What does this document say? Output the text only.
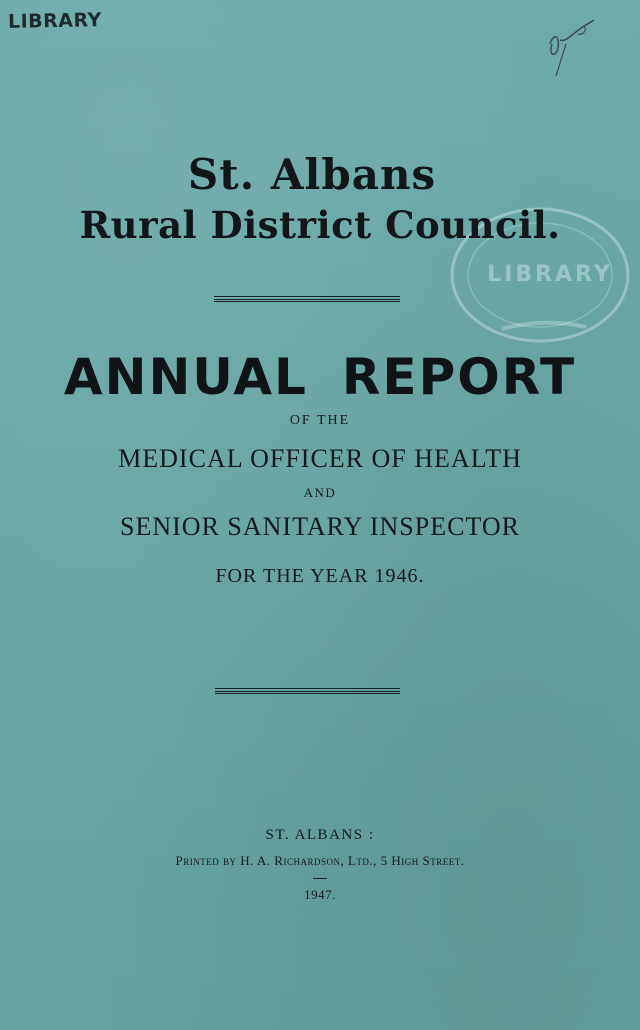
LIBRARY
LIBRARY
St. Albans
Rural District Council.
ANNUAL REPORT
OF THE
MEDICAL OFFICER OF HEALTH
AND
SENIOR SANITARY INSPECTOR
FOR THE YEAR 1946.
ST. ALBANS :
Printed by H. A. Richardson, Ltd., 5 High Street.
1947.
